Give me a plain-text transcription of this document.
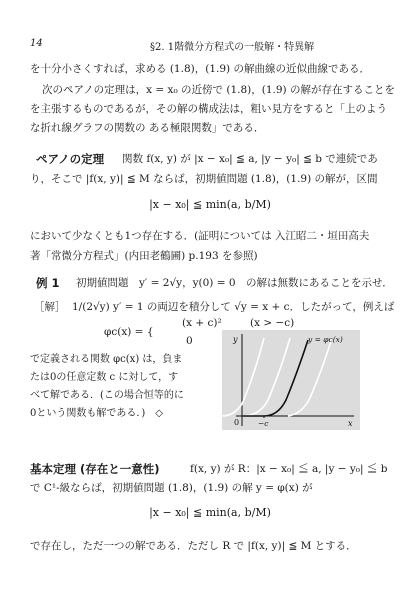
14	§2. 1階微分方程式の一般解・特異解
を十分小さくすれば，求める (1.8)，(1.9) の解曲線の近似曲線である．
次のペアノの定理は，x = x₀ の近傍で (1.8)，(1.9) の解が存在することを
を主張するものであるが，その解の構成法は，粗い見方をすると「上のよう
な折れ線グラフの関数の ある極限関数」である．
ペアノの定理 関数 f(x, y) が |x − x₀| ≦ a, |y − y₀| ≦ b で連続であ
り，そこで |f(x, y)| ≦ M ならば，初期値問題 (1.8)，(1.9) の解が，区間
|x − x₀| ≦ min(a, b/M)
において少なくとも1つ存在する．(証明については 入江昭二・垣田高夫
著「常微分方程式」(内田老鶴圃) p.193 を参照)
例 1 初期値問題　y′ = 2√y，y(0) = 0　の解は無数にあることを示せ．
［解］ 1/(2√y) y′ = 1 の両辺を積分して √y = x + c．したがって，例えば
φc(x) = {
(x + c)²	(x > −c)
0
で定義される関数 φc(x) は，負ま
たは0の任意定数 c に対して，す
べて解である．(この場合恒等的に
0という関数も解である．)　◇
y
x
0	−c
y = φc(x)
基本定理 (存在と一意性)	f(x, y) が R：|x − x₀| ≦ a, |y − y₀| ≦ b
で C¹-級ならば，初期値問題 (1.8)，(1.9) の解 y = φ(x) が
|x − x₀| ≦ min(a, b/M)
で存在し，ただ一つの解である．ただし R で |f(x, y)| ≦ M とする．
